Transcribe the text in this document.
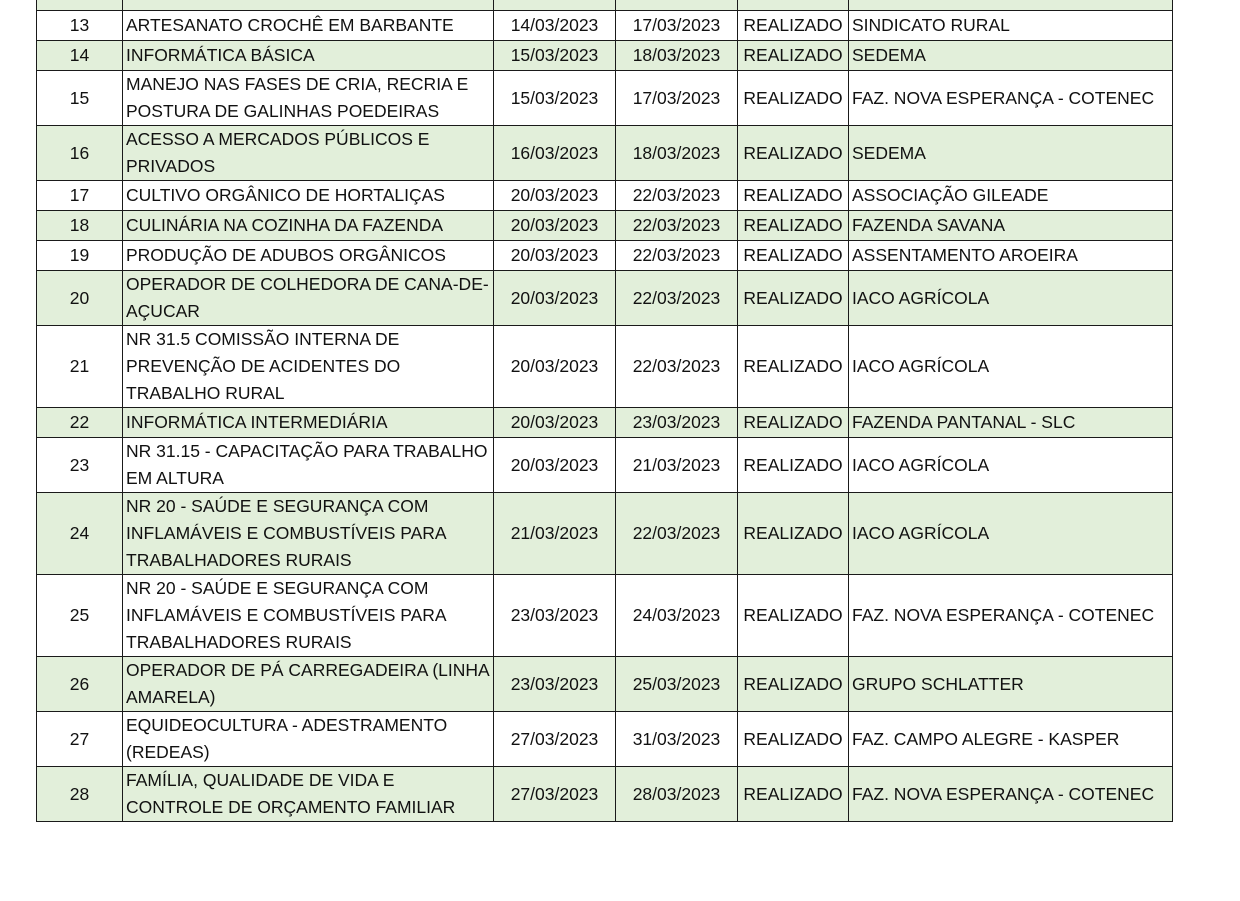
13	ARTESANATO CROCHÊ EM BARBANTE	14/03/2023	17/03/2023	REALIZADO	SINDICATO RURAL
14	INFORMÁTICA BÁSICA	15/03/2023	18/03/2023	REALIZADO	SEDEMA
15	MANEJO NAS FASES DE CRIA, RECRIA E POSTURA DE GALINHAS POEDEIRAS	15/03/2023	17/03/2023	REALIZADO	FAZ. NOVA ESPERANÇA - COTENEC
16	ACESSO A MERCADOS PÚBLICOS E PRIVADOS	16/03/2023	18/03/2023	REALIZADO	SEDEMA
17	CULTIVO ORGÂNICO DE HORTALIÇAS	20/03/2023	22/03/2023	REALIZADO	ASSOCIAÇÃO GILEADE
18	CULINÁRIA NA COZINHA DA FAZENDA	20/03/2023	22/03/2023	REALIZADO	FAZENDA SAVANA
19	PRODUÇÃO DE ADUBOS ORGÂNICOS	20/03/2023	22/03/2023	REALIZADO	ASSENTAMENTO AROEIRA
20	OPERADOR DE COLHEDORA DE CANA-DE-AÇUCAR	20/03/2023	22/03/2023	REALIZADO	IACO AGRÍCOLA
21	NR 31.5 COMISSÃO INTERNA DE PREVENÇÃO DE ACIDENTES DO TRABALHO RURAL	20/03/2023	22/03/2023	REALIZADO	IACO AGRÍCOLA
22	INFORMÁTICA INTERMEDIÁRIA	20/03/2023	23/03/2023	REALIZADO	FAZENDA PANTANAL - SLC
23	NR 31.15 - CAPACITAÇÃO PARA TRABALHO EM ALTURA	20/03/2023	21/03/2023	REALIZADO	IACO AGRÍCOLA
24	NR 20 - SAÚDE E SEGURANÇA COM INFLAMÁVEIS E COMBUSTÍVEIS PARA TRABALHADORES RURAIS	21/03/2023	22/03/2023	REALIZADO	IACO AGRÍCOLA
25	NR 20 - SAÚDE E SEGURANÇA COM INFLAMÁVEIS E COMBUSTÍVEIS PARA TRABALHADORES RURAIS	23/03/2023	24/03/2023	REALIZADO	FAZ. NOVA ESPERANÇA - COTENEC
26	OPERADOR DE PÁ CARREGADEIRA (LINHA AMARELA)	23/03/2023	25/03/2023	REALIZADO	GRUPO SCHLATTER
27	EQUIDEOCULTURA - ADESTRAMENTO (REDEAS)	27/03/2023	31/03/2023	REALIZADO	FAZ. CAMPO ALEGRE - KASPER
28	FAMÍLIA, QUALIDADE DE VIDA E CONTROLE DE ORÇAMENTO FAMILIAR	27/03/2023	28/03/2023	REALIZADO	FAZ. NOVA ESPERANÇA - COTENEC
